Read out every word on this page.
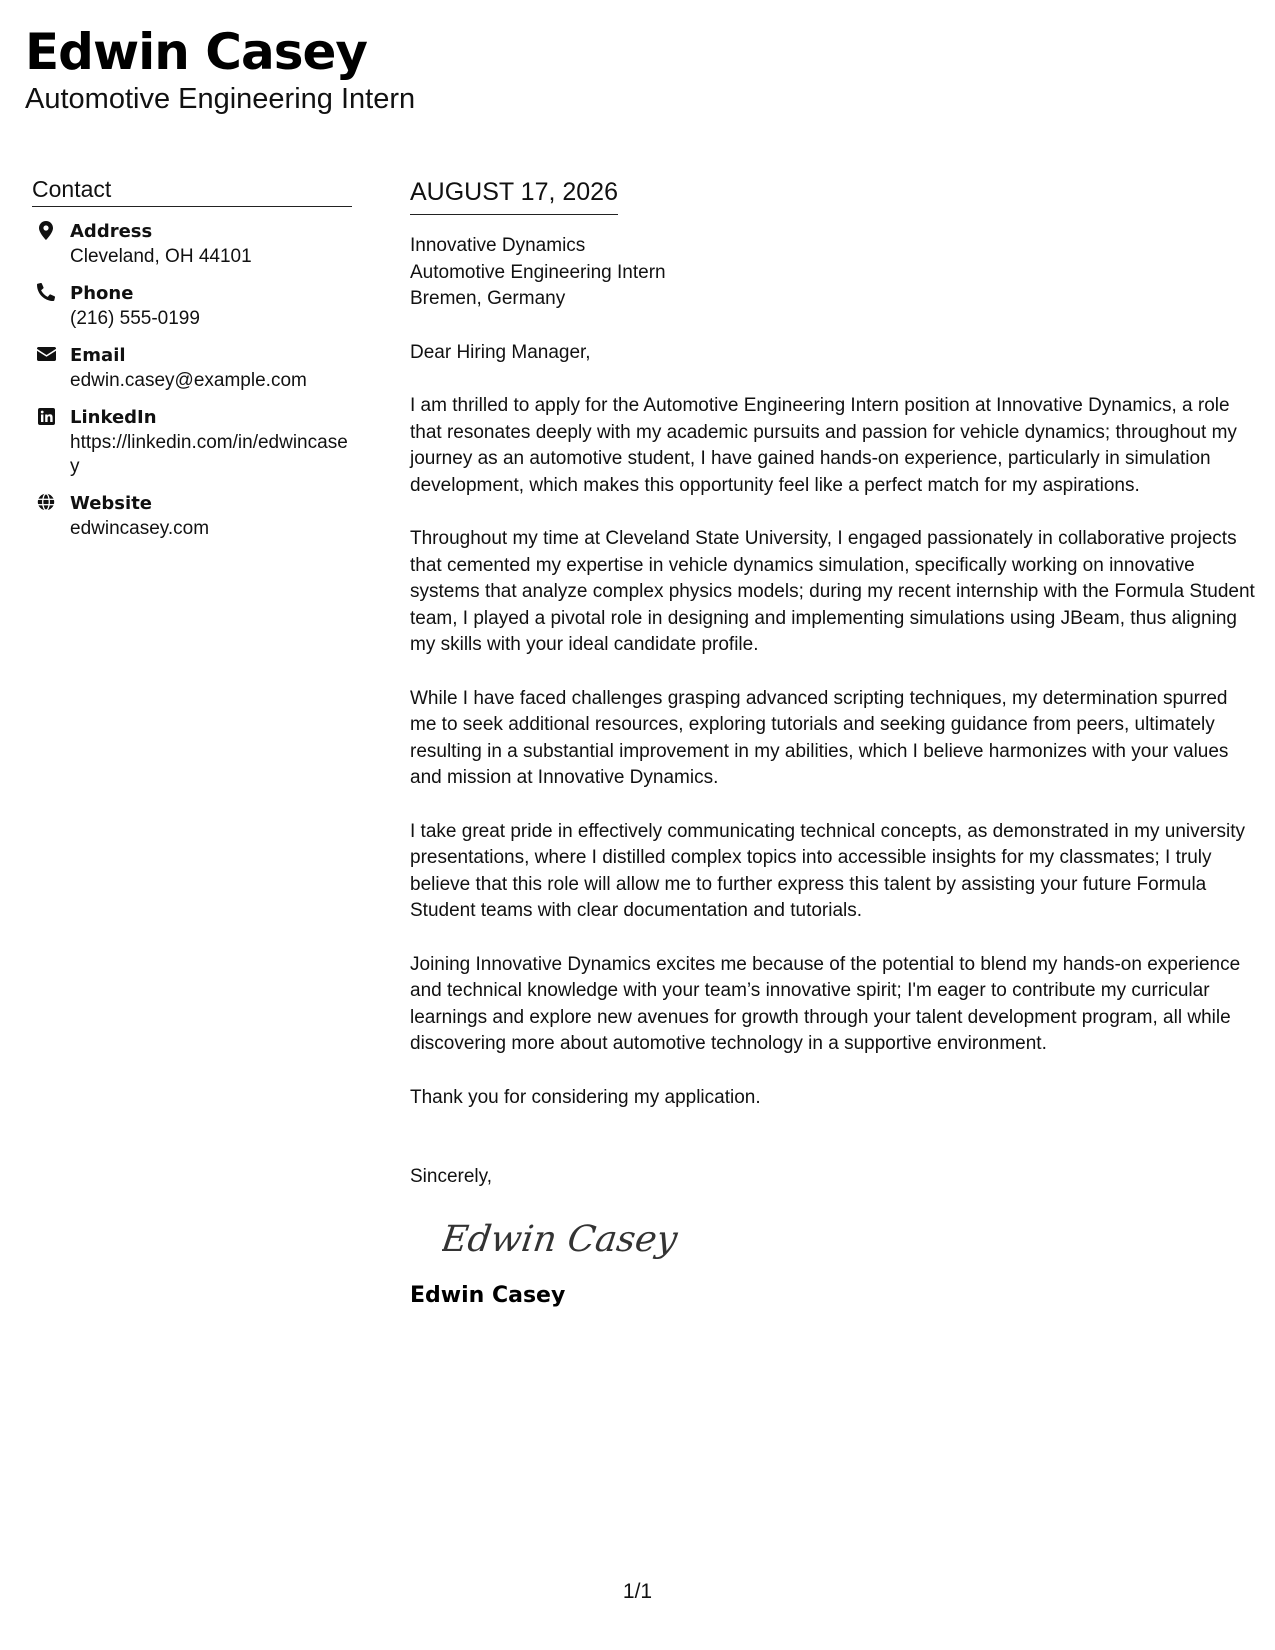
Edwin Casey
Automotive Engineering Intern
Contact
Address
Cleveland, OH 44101
Phone
(216) 555-0199
Email
edwin.casey@example.com
LinkedIn
https://linkedin.com/in/edwincasey
Website
edwincasey.com
AUGUST 17, 2026
Innovative Dynamics
Automotive Engineering Intern
Bremen, Germany
Dear Hiring Manager,

I am thrilled to apply for the Automotive Engineering Intern position at Innovative Dynamics, a role that resonates deeply with my academic pursuits and passion for vehicle dynamics; throughout my journey as an automotive student, I have gained hands-on experience, particularly in simulation development, which makes this opportunity feel like a perfect match for my aspirations.

Throughout my time at Cleveland State University, I engaged passionately in collaborative projects that cemented my expertise in vehicle dynamics simulation, specifically working on innovative systems that analyze complex physics models; during my recent internship with the Formula Student team, I played a pivotal role in designing and implementing simulations using JBeam, thus aligning my skills with your ideal candidate profile.

While I have faced challenges grasping advanced scripting techniques, my determination spurred me to seek additional resources, exploring tutorials and seeking guidance from peers, ultimately resulting in a substantial improvement in my abilities, which I believe harmonizes with your values and mission at Innovative Dynamics.

I take great pride in effectively communicating technical concepts, as demonstrated in my university presentations, where I distilled complex topics into accessible insights for my classmates; I truly believe that this role will allow me to further express this talent by assisting your future Formula Student teams with clear documentation and tutorials.

Joining Innovative Dynamics excites me because of the potential to blend my hands-on experience and technical knowledge with your team’s innovative spirit; I'm eager to contribute my curricular learnings and explore new avenues for growth through your talent development program, all while discovering more about automotive technology in a supportive environment.

Thank you for considering my application.

Sincerely,
Edwin Casey
Edwin Casey
1/1
